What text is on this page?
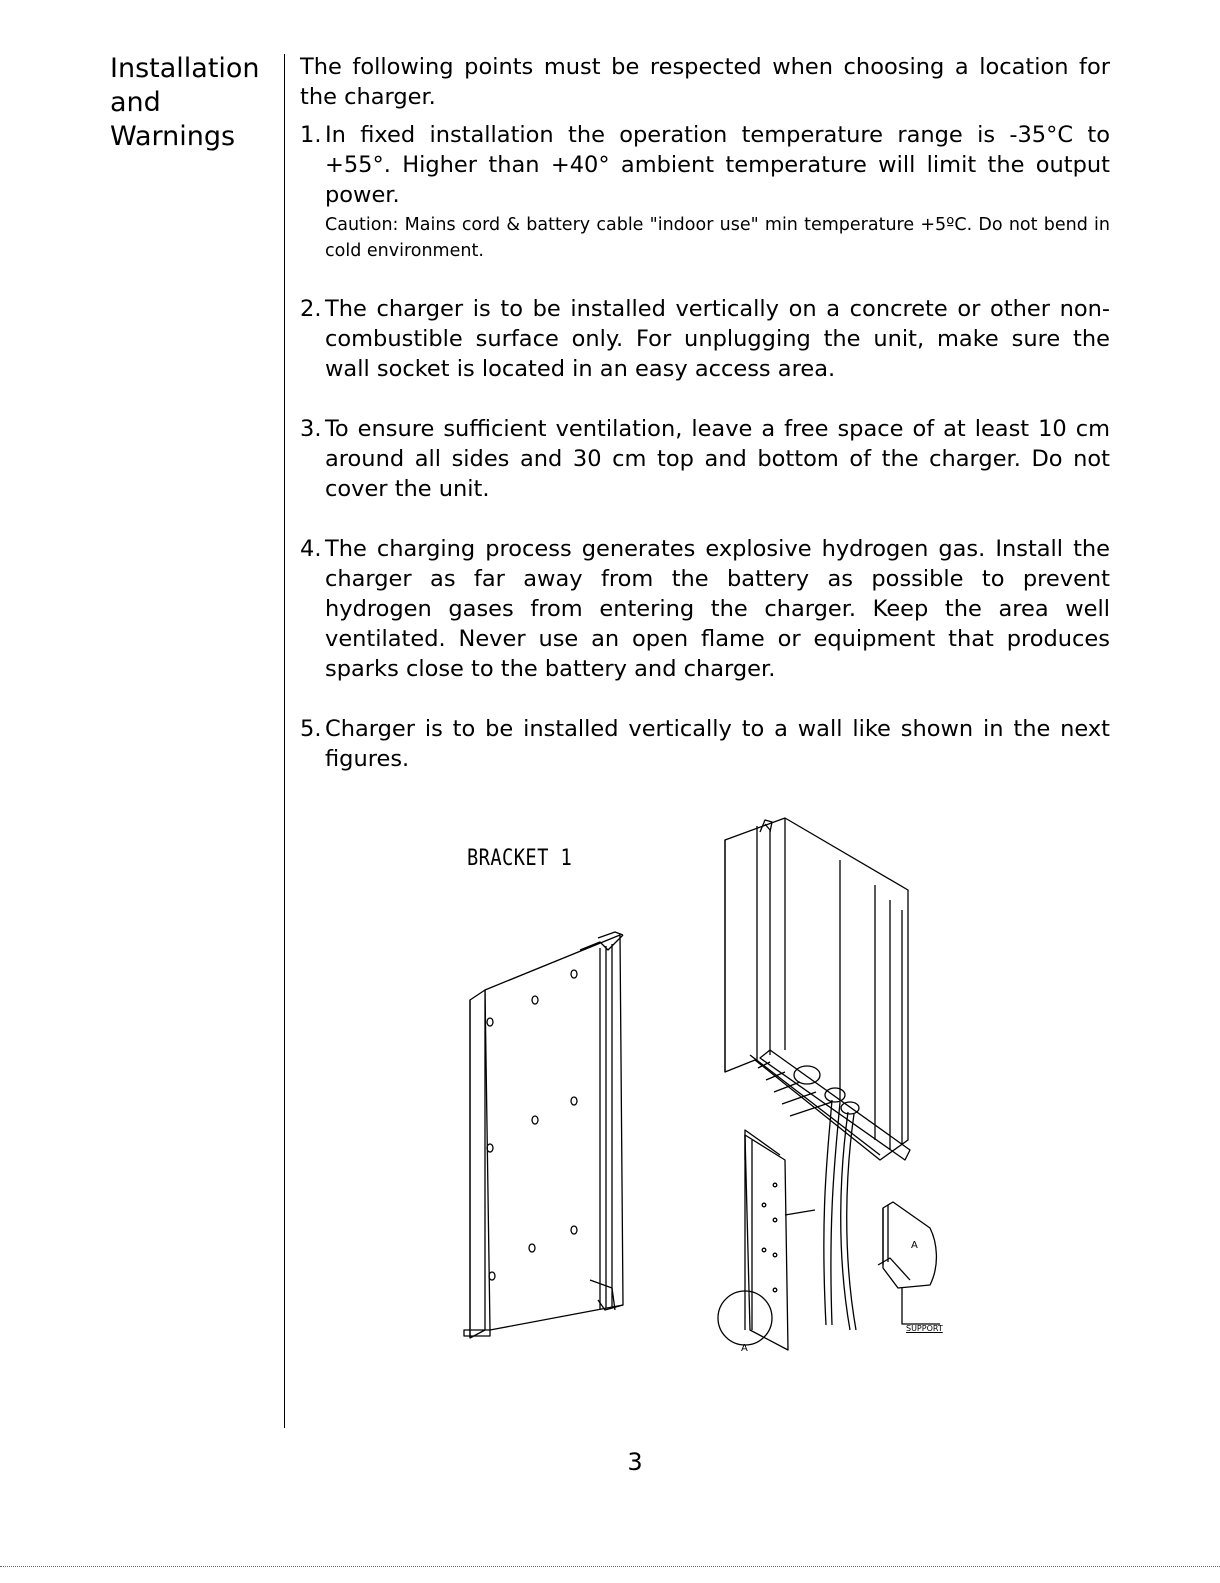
Installation
and
Warnings

The following points must be respected when choosing a location for the charger.

1. In fixed installation the operation temperature range is -35°C to +55°. Higher than +40° ambient temperature will limit the output power.
Caution: Mains cord & battery cable "indoor use" min temperature +5ºC. Do not bend in cold environment.
2. The charger is to be installed vertically on a concrete or other non-combustible surface only. For unplugging the unit, make sure the wall socket is located in an easy access area.
3. To ensure sufficient ventilation, leave a free space of at least 10 cm around all sides and 30 cm top and bottom of the charger. Do not cover the unit.
4. The charging process generates explosive hydrogen gas. Install the charger as far away from the battery as possible to prevent hydrogen gases from entering the charger. Keep the area well ventilated. Never use an open flame or equipment that produces sparks close to the battery and charger.
5. Charger is to be installed vertically to a wall like shown in the next figures.
BRACKET 1
A
A
SUPPORT
3
